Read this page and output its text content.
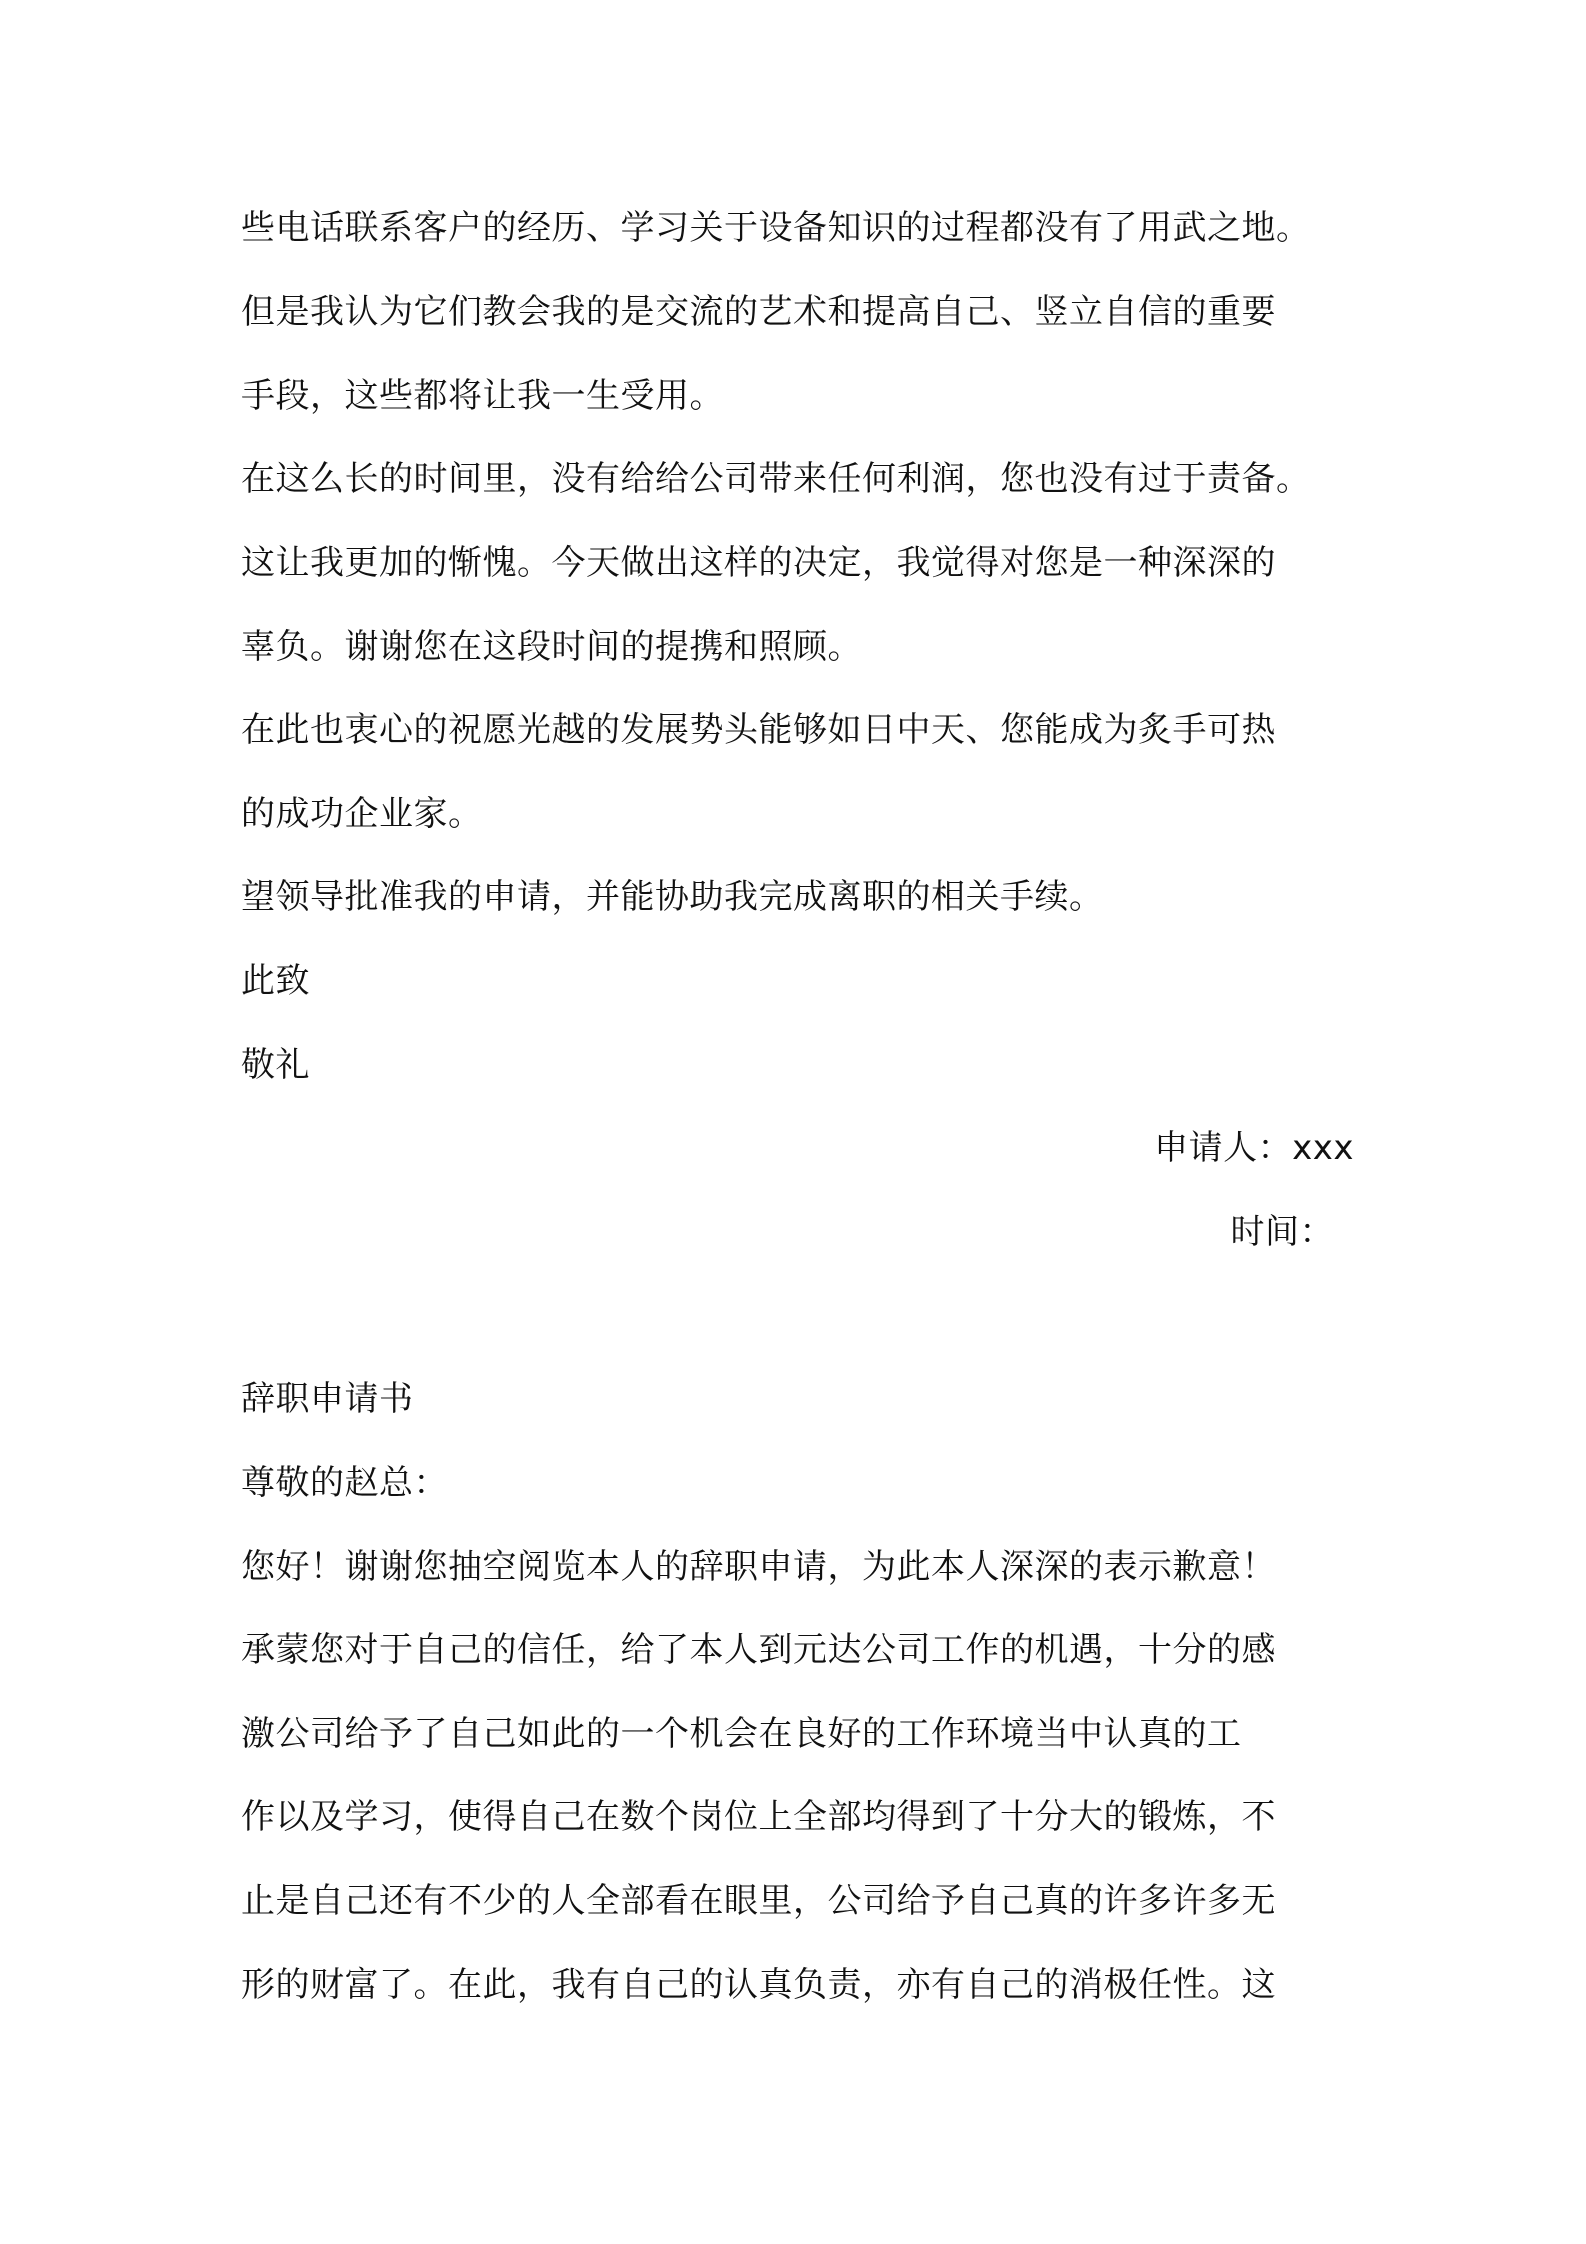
些电话联系客户的经历、学习关于设备知识的过程都没有了用武之地。
但是我认为它们教会我的是交流的艺术和提高自己、竖立自信的重要
手段，这些都将让我一生受用。
在这么长的时间里，没有给给公司带来任何利润，您也没有过于责备。
这让我更加的惭愧。今天做出这样的决定，我觉得对您是一种深深的
辜负。谢谢您在这段时间的提携和照顾。
在此也衷心的祝愿光越的发展势头能够如日中天、您能成为炙手可热
的成功企业家。
望领导批准我的申请，并能协助我完成离职的相关手续。
此致
敬礼
申请人：xxx
时间：
辞职申请书
尊敬的赵总：
您好！谢谢您抽空阅览本人的辞职申请，为此本人深深的表示歉意！
承蒙您对于自己的信任，给了本人到元达公司工作的机遇，十分的感
激公司给予了自己如此的一个机会在良好的工作环境当中认真的工
作以及学习，使得自己在数个岗位上全部均得到了十分大的锻炼，不
止是自己还有不少的人全部看在眼里，公司给予自己真的许多许多无
形的财富了。在此，我有自己的认真负责，亦有自己的消极任性。这
